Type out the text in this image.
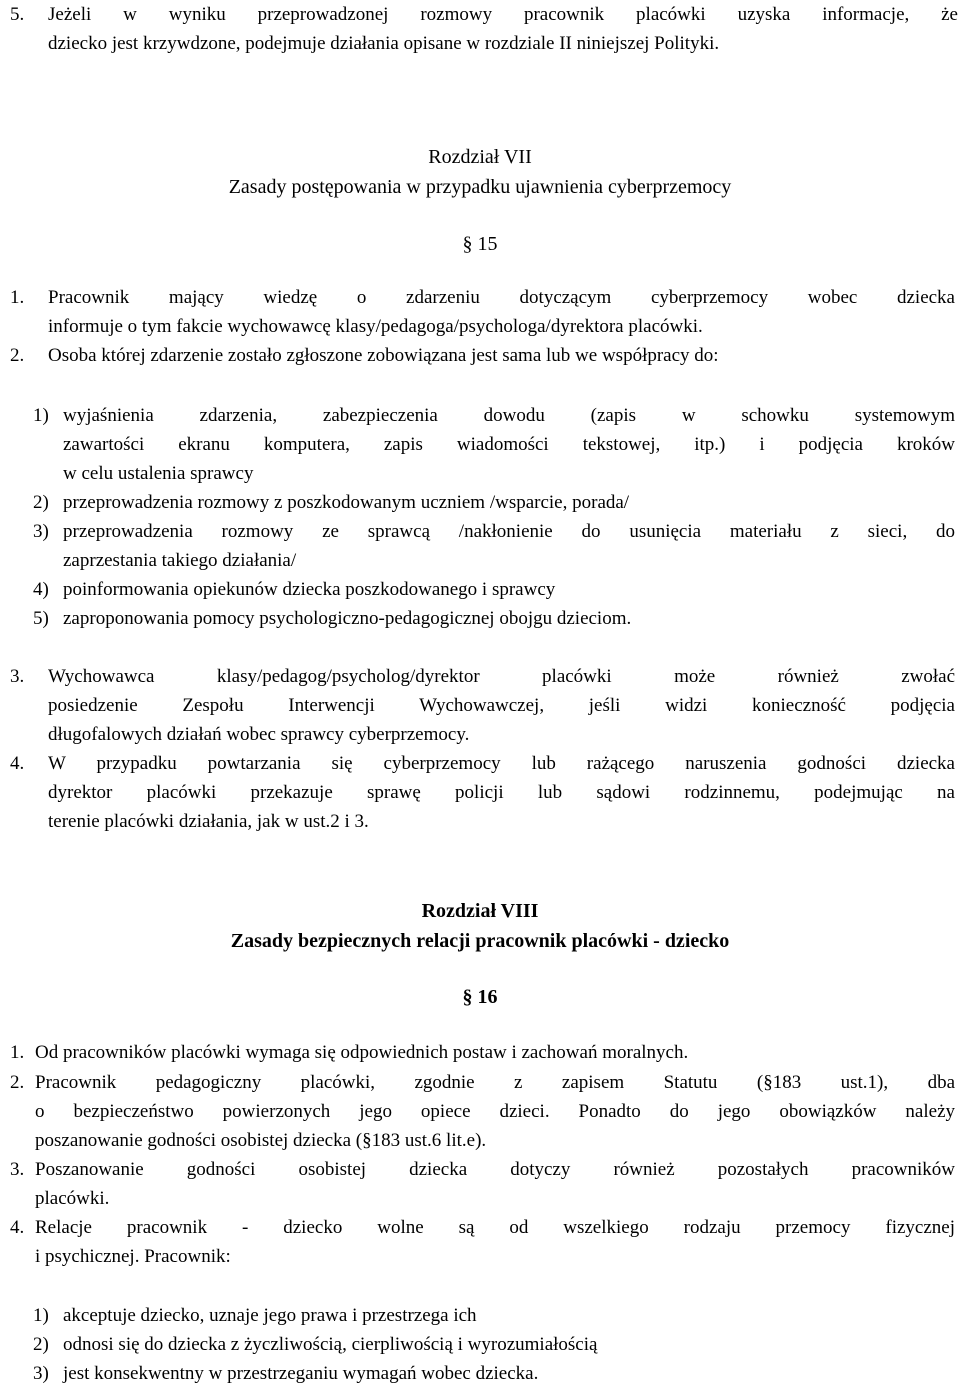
5. Jeżeli w wyniku przeprowadzonej rozmowy pracownik placówki uzyska informacje, że
dziecko jest krzywdzone, podejmuje działania opisane w rozdziale II niniejszej Polityki.
Rozdział VII
Zasady postępowania w przypadku ujawnienia cyberprzemocy
§ 15
1. Pracownik mający wiedzę o zdarzeniu dotyczącym cyberprzemocy wobec dziecka
informuje o tym fakcie wychowawcę klasy/pedagoga/psychologa/dyrektora placówki.
2. Osoba której zdarzenie zostało zgłoszone zobowiązana jest sama lub we współpracy do:
1) wyjaśnienia zdarzenia, zabezpieczenia dowodu (zapis w schowku systemowym
zawartości ekranu komputera, zapis wiadomości tekstowej, itp.) i podjęcia kroków
w celu ustalenia sprawcy
2) przeprowadzenia rozmowy z poszkodowanym uczniem /wsparcie, porada/
3) przeprowadzenia rozmowy ze sprawcą /nakłonienie do usunięcia materiału z sieci, do
zaprzestania takiego działania/
4) poinformowania opiekunów dziecka poszkodowanego i sprawcy
5) zaproponowania pomocy psychologiczno-pedagogicznej obojgu dzieciom.
3. Wychowawca klasy/pedagog/psycholog/dyrektor placówki może również zwołać
posiedzenie Zespołu Interwencji Wychowawczej, jeśli widzi konieczność podjęcia
długofalowych działań wobec sprawcy cyberprzemocy.
4. W przypadku powtarzania się cyberprzemocy lub rażącego naruszenia godności dziecka
dyrektor placówki przekazuje sprawę policji lub sądowi rodzinnemu, podejmując na
terenie placówki działania, jak w ust.2 i 3.
Rozdział VIII
Zasady bezpiecznych relacji pracownik placówki - dziecko
§ 16
1. Od pracowników placówki wymaga się odpowiednich postaw i zachowań moralnych.
2. Pracownik pedagogiczny placówki, zgodnie z zapisem Statutu (§183 ust.1), dba
o bezpieczeństwo powierzonych jego opiece dzieci. Ponadto do jego obowiązków należy
poszanowanie godności osobistej dziecka (§183 ust.6 lit.e).
3. Poszanowanie godności osobistej dziecka dotyczy również pozostałych pracowników
placówki.
4. Relacje pracownik - dziecko wolne są od wszelkiego rodzaju przemocy fizycznej
i psychicznej. Pracownik:
1) akceptuje dziecko, uznaje jego prawa i przestrzega ich
2) odnosi się do dziecka z życzliwością, cierpliwością i wyrozumiałością
3) jest konsekwentny w przestrzeganiu wymagań wobec dziecka.
